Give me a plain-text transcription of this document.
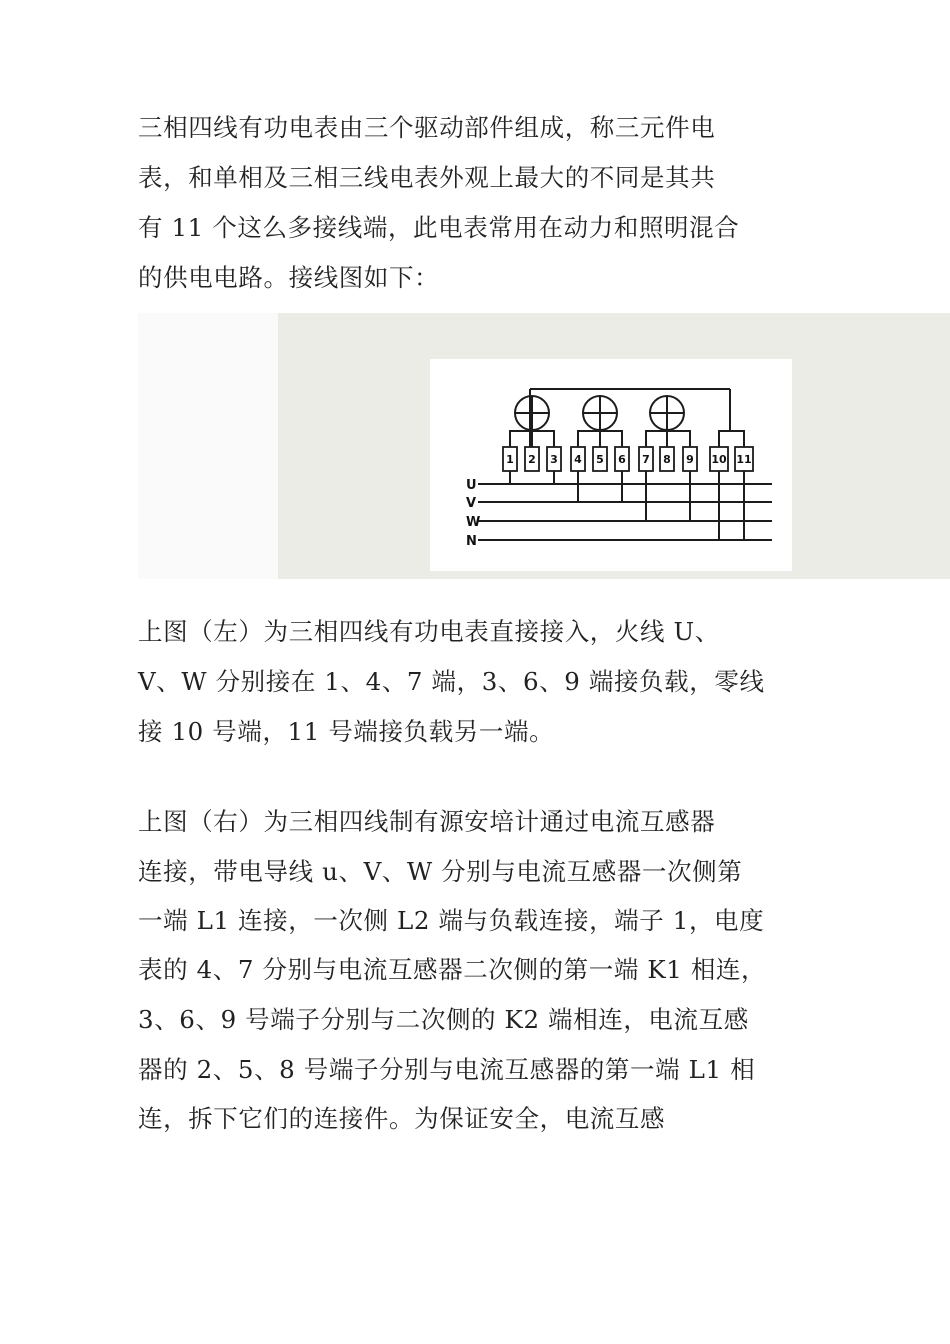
三相四线有功电表由三个驱动部件组成，称三元件电

表，和单相及三相三线电表外观上最大的不同是其共

有 11 个这么多接线端，此电表常用在动力和照明混合

的供电电路。接线图如下：

1 2 3 4 5 6 7 8 9 10 11
U
V
W
N

上图（左）为三相四线有功电表直接接入，火线 U、

V、W 分别接在 1、4、7 端，3、6、9 端接负载，零线

接 10 号端，11 号端接负载另一端。

上图（右）为三相四线制有源安培计通过电流互感器

连接，带电导线 u、V、W 分别与电流互感器一次侧第

一端 L1 连接，一次侧 L2 端与负载连接，端子 1，电度

表的 4、7 分别与电流互感器二次侧的第一端 K1 相连，

3、6、9 号端子分别与二次侧的 K2 端相连，电流互感

器的 2、5、8 号端子分别与电流互感器的第一端 L1 相

连，拆下它们的连接件。为保证安全，电流互感
